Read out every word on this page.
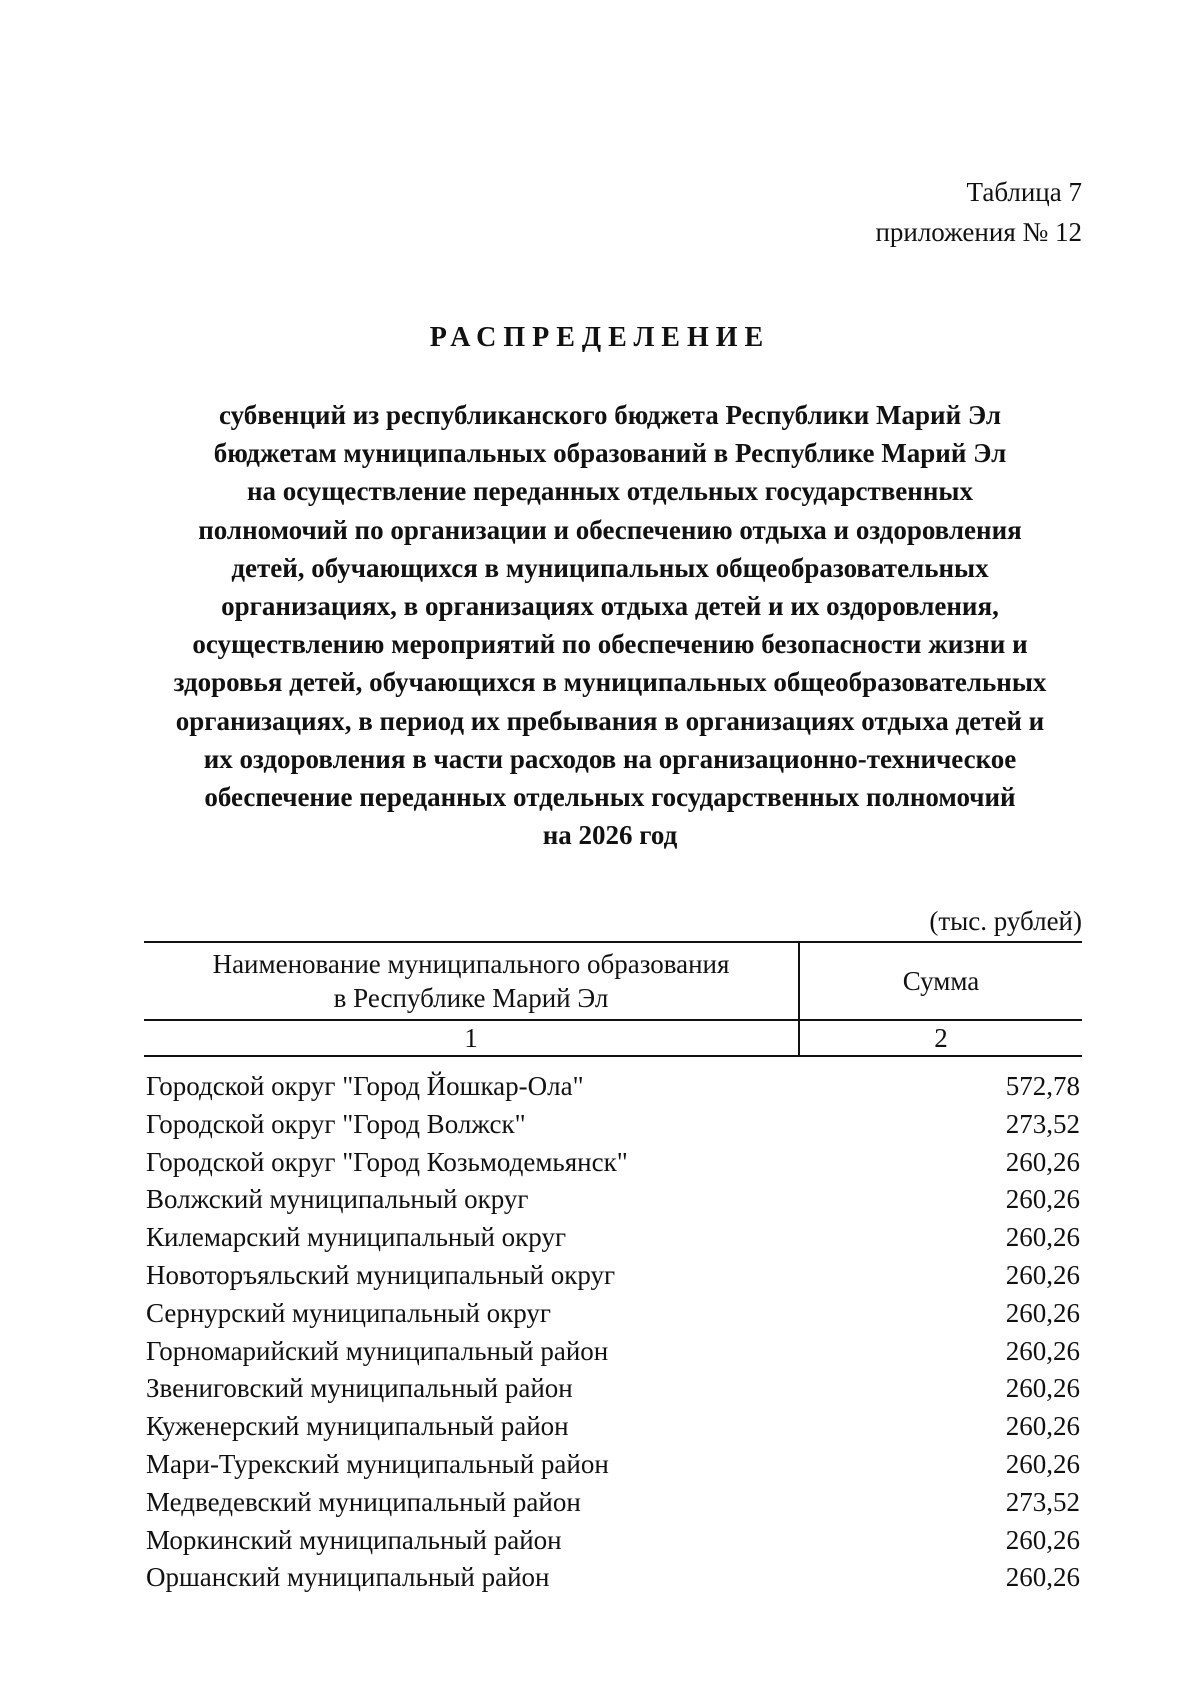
Таблица 7
приложения № 12
РАСПРЕДЕЛЕНИЕ

субвенций из республиканского бюджета Республики Марий Эл
бюджетам муниципальных образований в Республике Марий Эл
на осуществление переданных отдельных государственных
полномочий по организации и обеспечению отдыха и оздоровления
детей, обучающихся в муниципальных общеобразовательных
организациях, в организациях отдыха детей и их оздоровления,
осуществлению мероприятий по обеспечению безопасности жизни и
здоровья детей, обучающихся в муниципальных общеобразовательных
организациях, в период их пребывания в организациях отдыха детей и
их оздоровления в части расходов на организационно-техническое
обеспечение переданных отдельных государственных полномочий
на 2026 год

(тыс. рублей)
Наименование муниципального образования
в Республике Марий Эл	Сумма
1	2
Городской округ "Город Йошкар-Ола"	572,78
Городской округ "Город Волжск"	273,52
Городской округ "Город Козьмодемьянск"	260,26
Волжский муниципальный округ	260,26
Килемарский муниципальный округ	260,26
Новоторъяльский муниципальный округ	260,26
Сернурский муниципальный округ	260,26
Горномарийский муниципальный район	260,26
Звениговский муниципальный район	260,26
Куженерский муниципальный район	260,26
Мари-Турекский муниципальный район	260,26
Медведевский муниципальный район	273,52
Моркинский муниципальный район	260,26
Оршанский муниципальный район	260,26
